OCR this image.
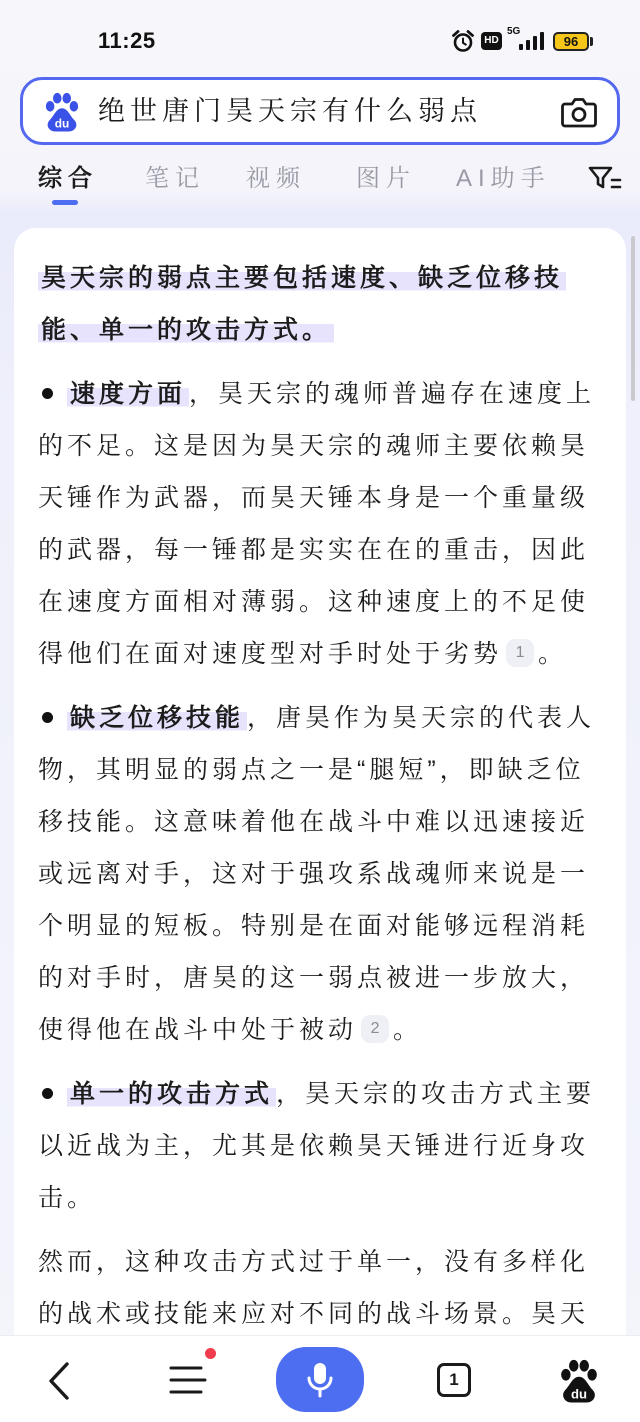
11:25	HD
5G
96
du 绝世唐门昊天宗有什么弱点
综合 笔记 视频 图片 AI助手

昊天宗的弱点主要包括速度、缺乏位移技能、单一的攻击方式。

速度方面 ，昊天宗的魂师普遍存在速度上的不足。这是因为昊天宗的魂师主要依赖昊天锤作为武器，而昊天锤本身是一个重量级的武器，每一锤都是实实在在的重击，因此在速度方面相对薄弱。这种速度上的不足使得他们在面对速度型对手时处于劣势 1 。

缺乏位移技能 ，唐昊作为昊天宗的代表人物，其明显的弱点之一是“腿短”，即缺乏位移技能。这意味着他在战斗中难以迅速接近或远离对手，这对于强攻系战魂师来说是一个明显的短板。特别是在面对能够远程消耗的对手时，唐昊的这一弱点被进一步放大，使得他在战斗中处于被动 2 。

单一的攻击方式 ，昊天宗的攻击方式主要以近战为主，尤其是依赖昊天锤进行近身攻击。

然而，这种攻击方式过于单一，没有多样化的战术或技能来应对不同的战斗场景。昊天

1
du
